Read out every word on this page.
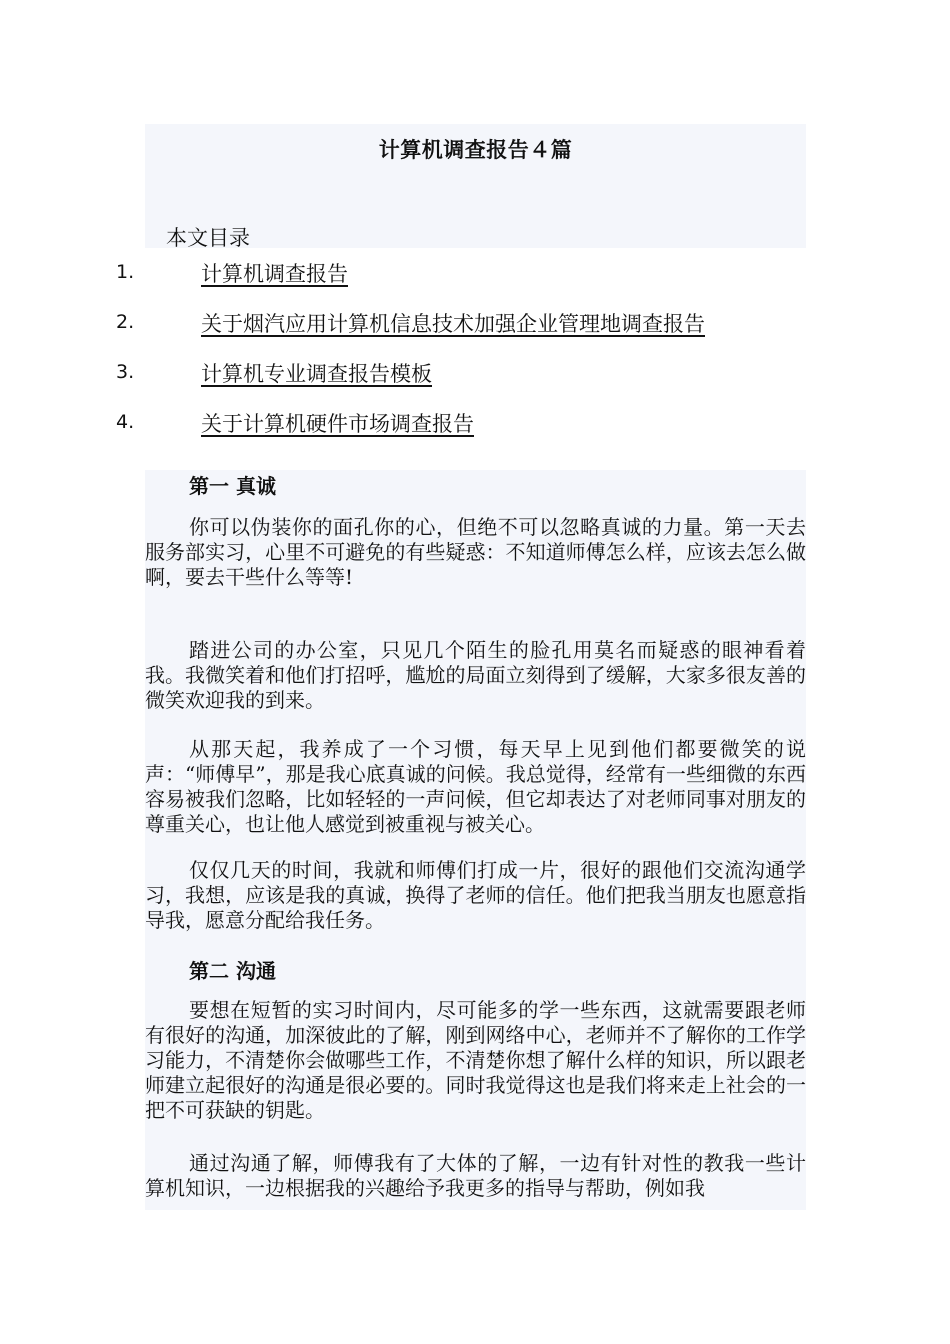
计算机调查报告４篇
本文目录
1.	计算机调查报告
2.	关于烟汽应用计算机信息技术加强企业管理地调查报告
3.	计算机专业调查报告模板
4.	关于计算机硬件市场调查报告
第一 真诚

你可以伪装你的面孔你的心，但绝不可以忽略真诚的力量。第一天去服务部实习，心里不可避免的有些疑惑：不知道师傅怎么样，应该去怎么做啊，要去干些什么等等!

踏进公司的办公室，只见几个陌生的脸孔用莫名而疑惑的眼神看着我。我微笑着和他们打招呼，尴尬的局面立刻得到了缓解，大家多很友善的微笑欢迎我的到来。

从那天起，我养成了一个习惯，每天早上见到他们都要微笑的说声：“师傅早”，那是我心底真诚的问候。我总觉得，经常有一些细微的东西容易被我们忽略，比如轻轻的一声问候，但它却表达了对老师同事对朋友的尊重关心，也让他人感觉到被重视与被关心。

仅仅几天的时间，我就和师傅们打成一片，很好的跟他们交流沟通学习，我想，应该是我的真诚，换得了老师的信任。他们把我当朋友也愿意指导我，愿意分配给我任务。

第二 沟通

要想在短暂的实习时间内，尽可能多的学一些东西，这就需要跟老师有很好的沟通，加深彼此的了解，刚到网络中心，老师并不了解你的工作学习能力，不清楚你会做哪些工作，不清楚你想了解什么样的知识，所以跟老师建立起很好的沟通是很必要的。同时我觉得这也是我们将来走上社会的一把不可获缺的钥匙。

通过沟通了解，师傅我有了大体的了解，一边有针对性的教我一些计算机知识，一边根据我的兴趣给予我更多的指导与帮助，例如我
